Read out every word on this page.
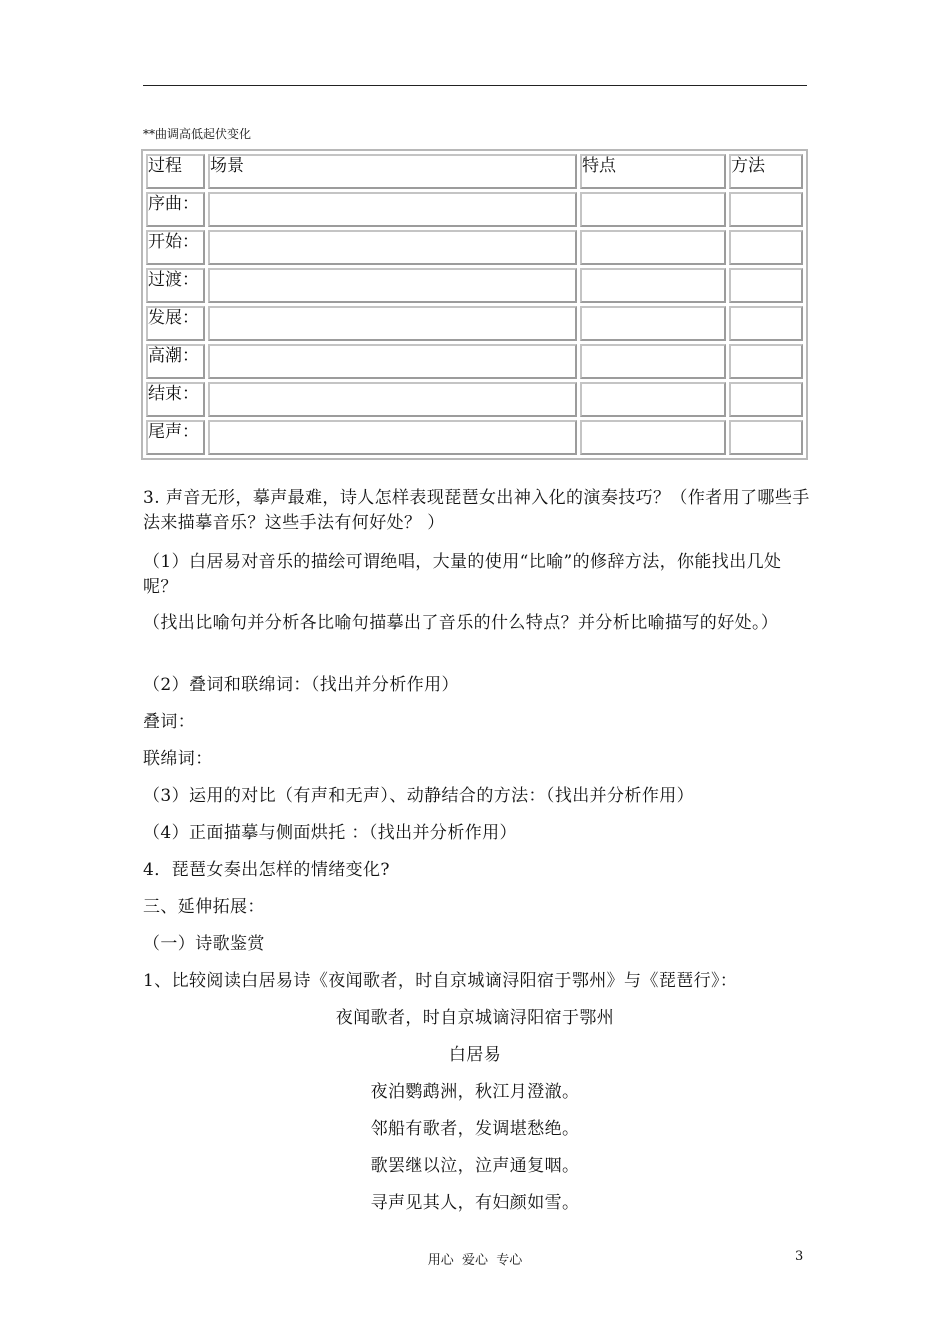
**曲调高低起伏变化
过程	场景	特点	方法
序曲：			
开始：			
过渡：			
发展：			
高潮：			
结束：			
尾声：			

3. 声音无形，摹声最难，诗人怎样表现琵琶女出神入化的演奏技巧？（作者用了哪些手法来描摹音乐？这些手法有何好处？ ）

（1）白居易对音乐的描绘可谓绝唱，大量的使用“比喻”的修辞方法，你能找出几处呢？

（找出比喻句并分析各比喻句描摹出了音乐的什么特点？并分析比喻描写的好处。）

（2）叠词和联绵词：（找出并分析作用）

叠词：

联绵词：

（3）运用的对比（有声和无声）、动静结合的方法：（找出并分析作用）

（4）正面描摹与侧面烘托 ：（找出并分析作用）

4．琵琶女奏出怎样的情绪变化?

三、延伸拓展：

（一）诗歌鉴赏

1、比较阅读白居易诗《夜闻歌者，时自京城谪浔阳宿于鄂州》与《琵琶行》：

夜闻歌者，时自京城谪浔阳宿于鄂州
白居易
夜泊鹦鹉洲，秋江月澄澈。
邻船有歌者，发调堪愁绝。
歌罢继以泣，泣声通复咽。
寻声见其人，有妇颜如雪。
用心  爱心  专心	3
